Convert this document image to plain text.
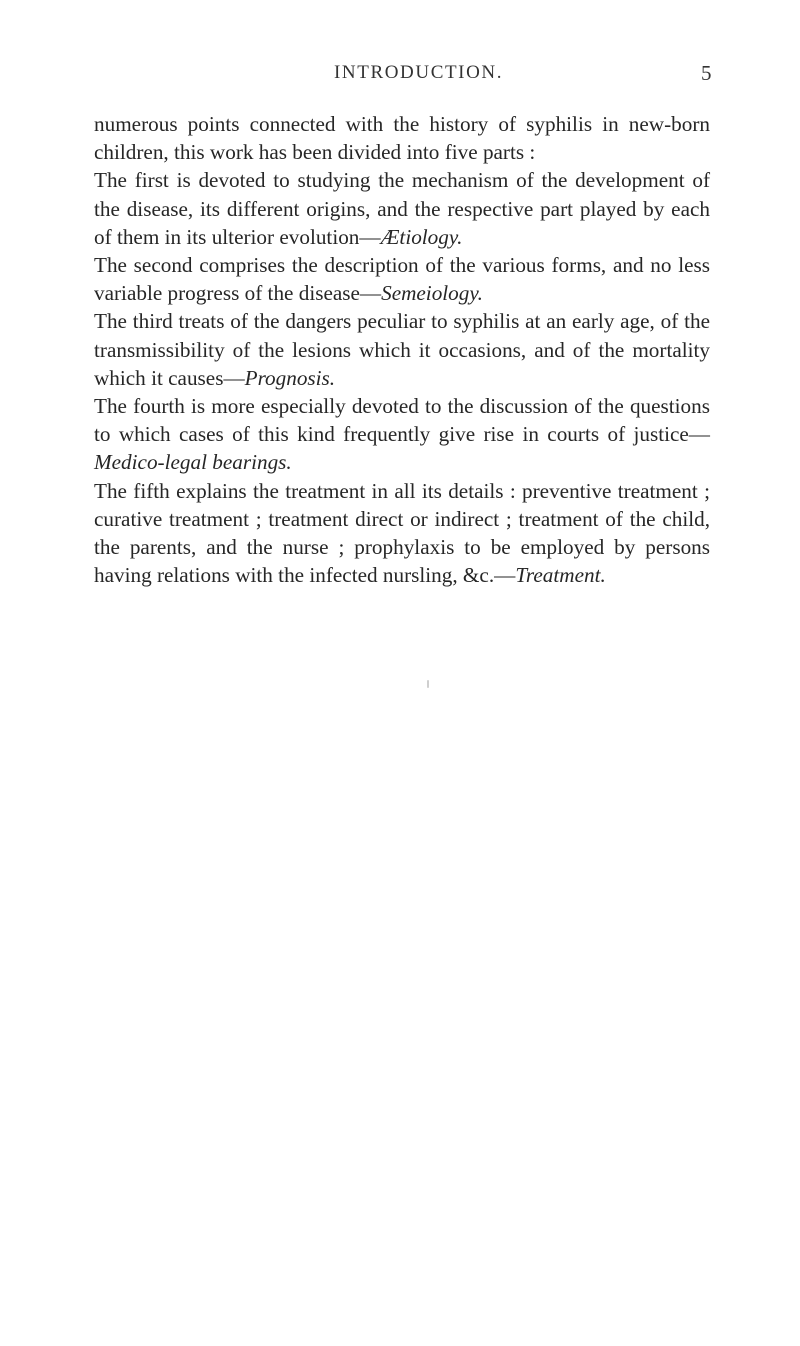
INTRODUCTION.	5

numerous points connected with the history of syphilis in new-born children, this work has been divided into five parts :

The first is devoted to studying the mechanism of the development of the disease, its different origins, and the respective part played by each of them in its ulterior evolution—Ætiology.

The second comprises the description of the various forms, and no less variable progress of the disease—Semeiology.

The third treats of the dangers peculiar to syphilis at an early age, of the transmissibility of the lesions which it occasions, and of the mortality which it causes—Prognosis.

The fourth is more especially devoted to the discussion of the questions to which cases of this kind frequently give rise in courts of justice—Medico-legal bearings.

The fifth explains the treatment in all its details : preventive treatment ; curative treatment ; treatment direct or indirect ; treatment of the child, the parents, and the nurse ; prophylaxis to be employed by persons having relations with the infected nursling, &c.—Treatment.
